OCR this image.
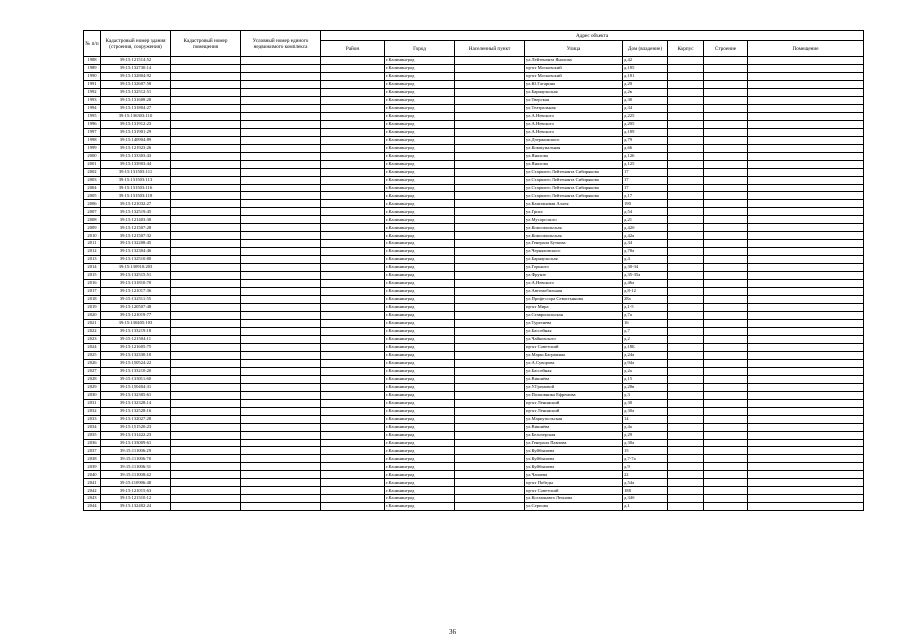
№ п/п	Кадастровый номер здания (строения, сооружения)	Кадастровый номер помещения	Условный номер единого недвижимого комплекса	Адрес объекта							
				Район	Город	Населенный пункт	Улица	Дом (владение)	Корпус	Строение	Помещение
1988	39:15:121514:52				г.Калининград		ул.Лейтенанта Яналова	д.42			
1989	39:15:132730:14				г.Калининград		пр-кт Московский	д.185			
1990	39:15:132804:92				г.Калининград		пр-кт Московский	д.181			
1991	39:15:132607:58				г.Калининград		ул.Ю.Гагарина	д.20			
1992	39:15:132512:51				г.Калининград		ул.Барнаульская	д.2в			
1993	39:15:131608:28				г.Калининград		ул.Тверская	д.30			
1994	39:15:131804:27				г.Калининград		ул.Театральная	д.34			
1995	39:15:136303:110				г.Калининград		ул.А.Невского	д.225			
1996	39:15:131912:23				г.Калининград		ул.А.Невского	д.205			
1997	39:15:131901:29				г.Калининград		ул.А.Невского	д.189			
1998	39:15:140904:89				г.Калининград		ул.Дзержинского	д.79			
1999	39:15:121923:26				г.Калининград		ул.Коммунальная	д.66			
2000	39:15:133303:43				г.Калининград		ул.Яналова	д.126			
2001	39:15:133903:44				г.Калининград		ул.Яналова	д.125			
2002	39:15:131503:111				г.Калининград		ул.Старшего Лейтенанта Сибирякова	17			
2003	39:15:131503:113				г.Калининград		ул.Старшего Лейтенанта Сибирякова	17			
2004	39:15:131503:116				г.Калининград		ул.Старшего Лейтенанта Сибирякова	17			
2005	39:15:131503:118				г.Калининград		ул.Старшего Лейтенанта Сибирякова	д.17			
2006	39:15:121032:27				г.Калининград		ул.Каштановая Аллея	190			
2007	39:15:132519:45				г.Калининград		ул.Грига	д.54			
2008	39:15:121403:30				г.Калининград		ул.Мусоргского	д.21			
2009	39:15:121507:28				г.Калининград		ул.Комсомольская	д.42б			
2010	39:15:121507:32				г.Калининград		ул.Комсомольская	д.42а			
2011	39:15:132208:45				г.Калининград		ул.Генерала Буткова	д.34			
2012	39:15:132304:46				г.Калининград		ул.Черняховского	д.78а			
2013	39:15:132510:80				г.Калининград		ул.Барнаульская	д.4			
2014	39:15:130910:203				г.Калининград		ул.Горького	д.30-34			
2015	39:15:132515:51				г.Калининград		ул.Фрунзе	д.35-35а			
2016	39:15:131810:70				г.Калининград		ул.А.Невского	д.46а			
2017	39:15:121017:36				г.Калининград		ул.Автомобильная	д.8-12			
2018	39:15:132511:55				г.Калининград		ул.Профессора Севастьянова	28а			
2019	39:15:120507:48				г.Калининград		пр-кт Мира	д.1-5			
2020	39:15:121019:77				г.Калининград		ул.Ставропольская	д.7а			
2021	39:15:130405:103				г.Калининград		ул.Тургенева	16			
2022	39:15:133219:18				г.Калининград		ул.Бассейная	д.7			
2023	39:15:121504:11				г.Калининград		ул.Чайковского	д.2			
2024	39:15:121605:75				г.Калининград		пр-кт Советский	д.18Б			
2025	39:15:132330:10				г.Калининград		ул.Марш.Баграмяна	д.24а			
2026	39:15:150524:22				г.Калининград		ул.А.Суворова	д.94а			
2027	39:15:133210:20				г.Калининград		ул.Бассейная	д.2а			
2028	39:15:133011:60				г.Калининград		ул.Вишнёва	д.15			
2029	39:15:150404:31				г.Калининград		ул.У.Громовой	д.28в			
2030	39:15:132305:61				г.Калининград		ул.Полковника Ефремова	д.3			
2031	39:15:132328:14				г.Калининград		пр-кт Ленинский	д.30			
2032	39:15:132528:16				г.Калининград		пр-кт Ленинский	д.30а			
2033	39:15:132027:28				г.Калининград		ул.Мариупольская	14			
2034	39:15:151520:23				г.Калининград		ул.Вишнёва	д.4а			
2035	39:15:131422:23				г.Калининград		ул.Белозерская	д.29			
2036	39:15:133009:61				г.Калининград		ул.Генерала Павлова	д.30а			
2037	39:15:111006:29				г.Калининград		ул.Куйбышева	15			
2038	39:15:111006:70				г.Калининград		ул.Куйбышева	д.7-7а			
2039	39:15:111006:31				г.Калининград		ул.Куйбышева	д.9			
2040	39:15:111008:42				г.Калининград		ул.Чапаева	22			
2041	39:15:110906:48				г.Калининград		пр-кт Победы	д.54а			
2042	39:15:121015:63				г.Калининград		пр-кт Советский	188			
2043	39:15:121310:12				г.Калининград		ул.Космонавта Леонова	д.34б			
2044	39:15:132402:24				г.Калининград		ул.Серпова	д.1			
36
